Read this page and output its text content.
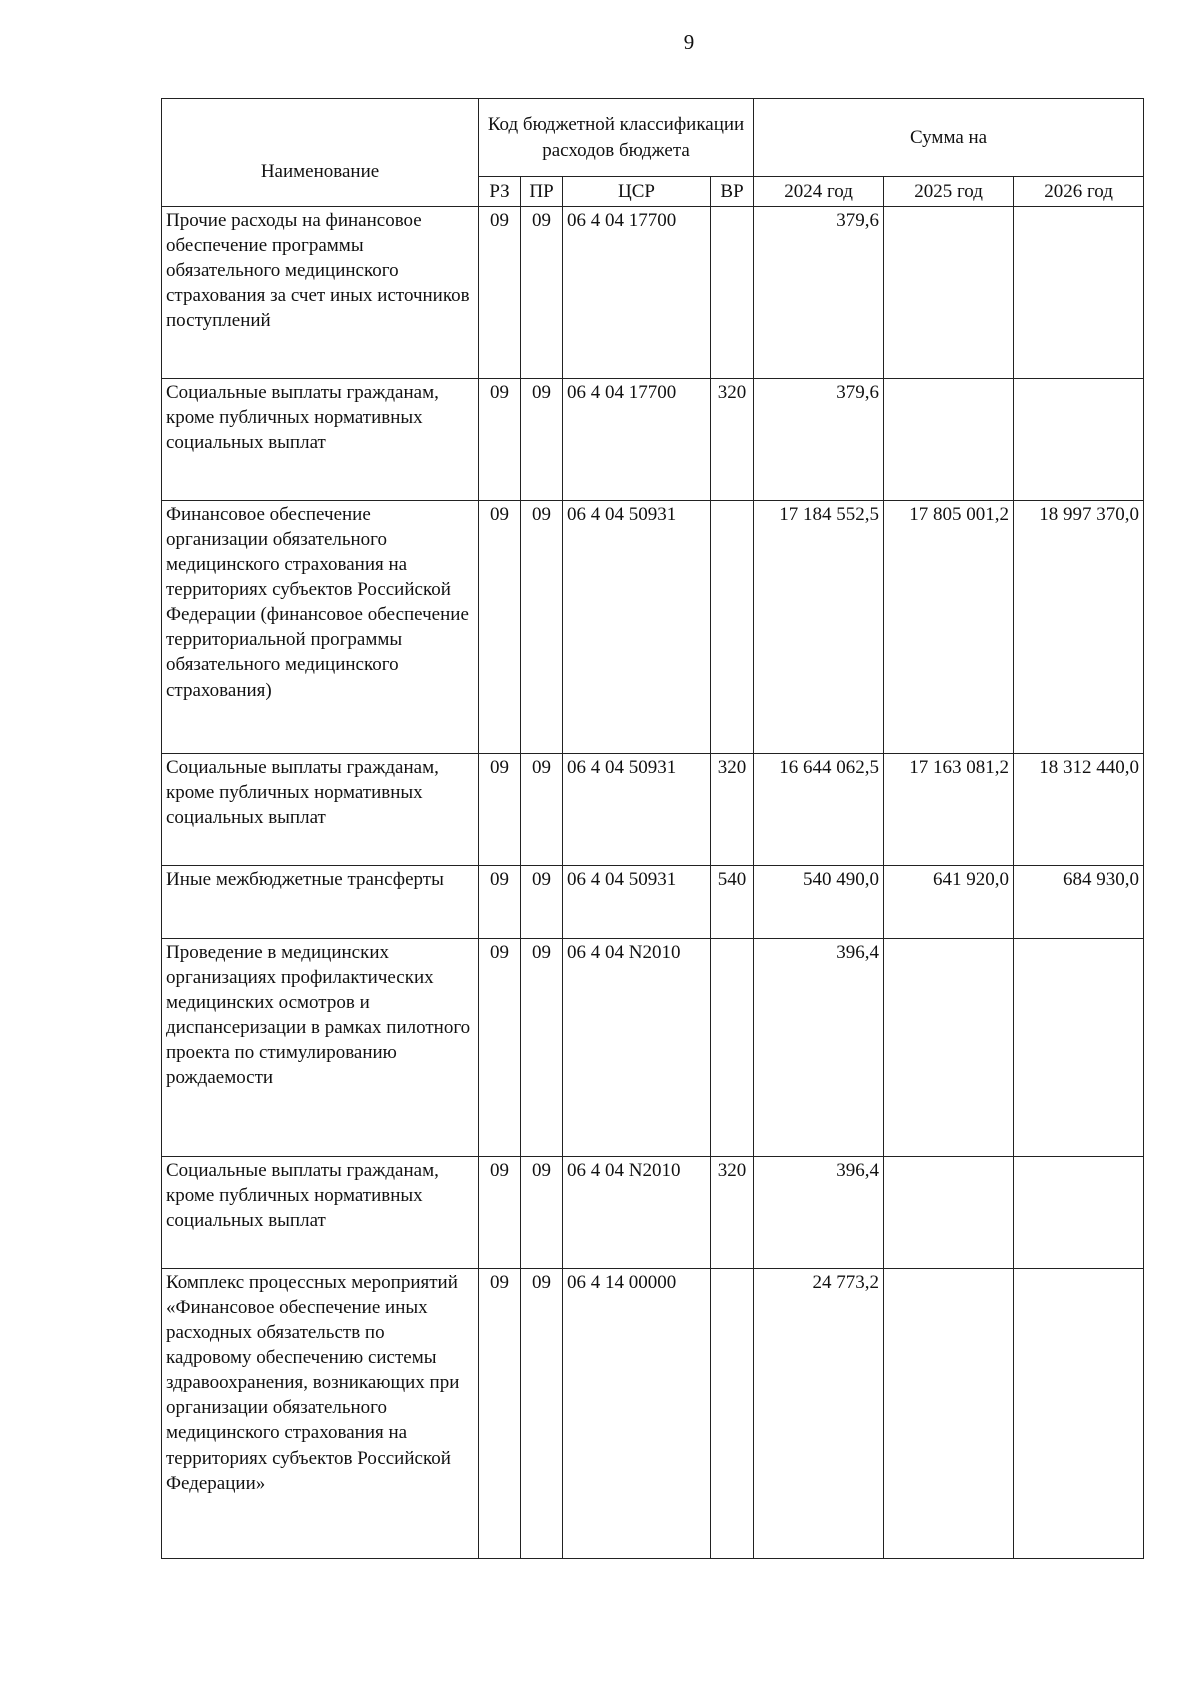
9
Наименование	Код бюджетной классификации расходов бюджета				Сумма на		
	РЗ	ПР	ЦСР	ВР	2024 год	2025 год	2026 год
Прочие расходы на финансовое обеспечение программы обязательного медицинского страхования за счет иных источников поступлений	09	09	06 4 04 17700		379,6		
Социальные выплаты гражданам, кроме публичных нормативных социальных выплат	09	09	06 4 04 17700	320	379,6		
Финансовое обеспечение организации обязательного медицинского страхования на территориях субъектов Российской Федерации (финансовое обеспечение территориальной программы обязательного медицинского страхования)	09	09	06 4 04 50931		17 184 552,5	17 805 001,2	18 997 370,0
Социальные выплаты гражданам, кроме публичных нормативных социальных выплат	09	09	06 4 04 50931	320	16 644 062,5	17 163 081,2	18 312 440,0
Иные межбюджетные трансферты	09	09	06 4 04 50931	540	540 490,0	641 920,0	684 930,0
Проведение в медицинских организациях профилактических медицинских осмотров и диспансеризации в рамках пилотного проекта по стимулированию рождаемости	09	09	06 4 04 N2010		396,4		
Социальные выплаты гражданам, кроме публичных нормативных социальных выплат	09	09	06 4 04 N2010	320	396,4		
Комплекс процессных мероприятий «Финансовое обеспечение иных расходных обязательств по кадровому обеспечению системы здравоохранения, возникающих при организации обязательного медицинского страхования на территориях субъектов Российской Федерации»	09	09	06 4 14 00000		24 773,2		
